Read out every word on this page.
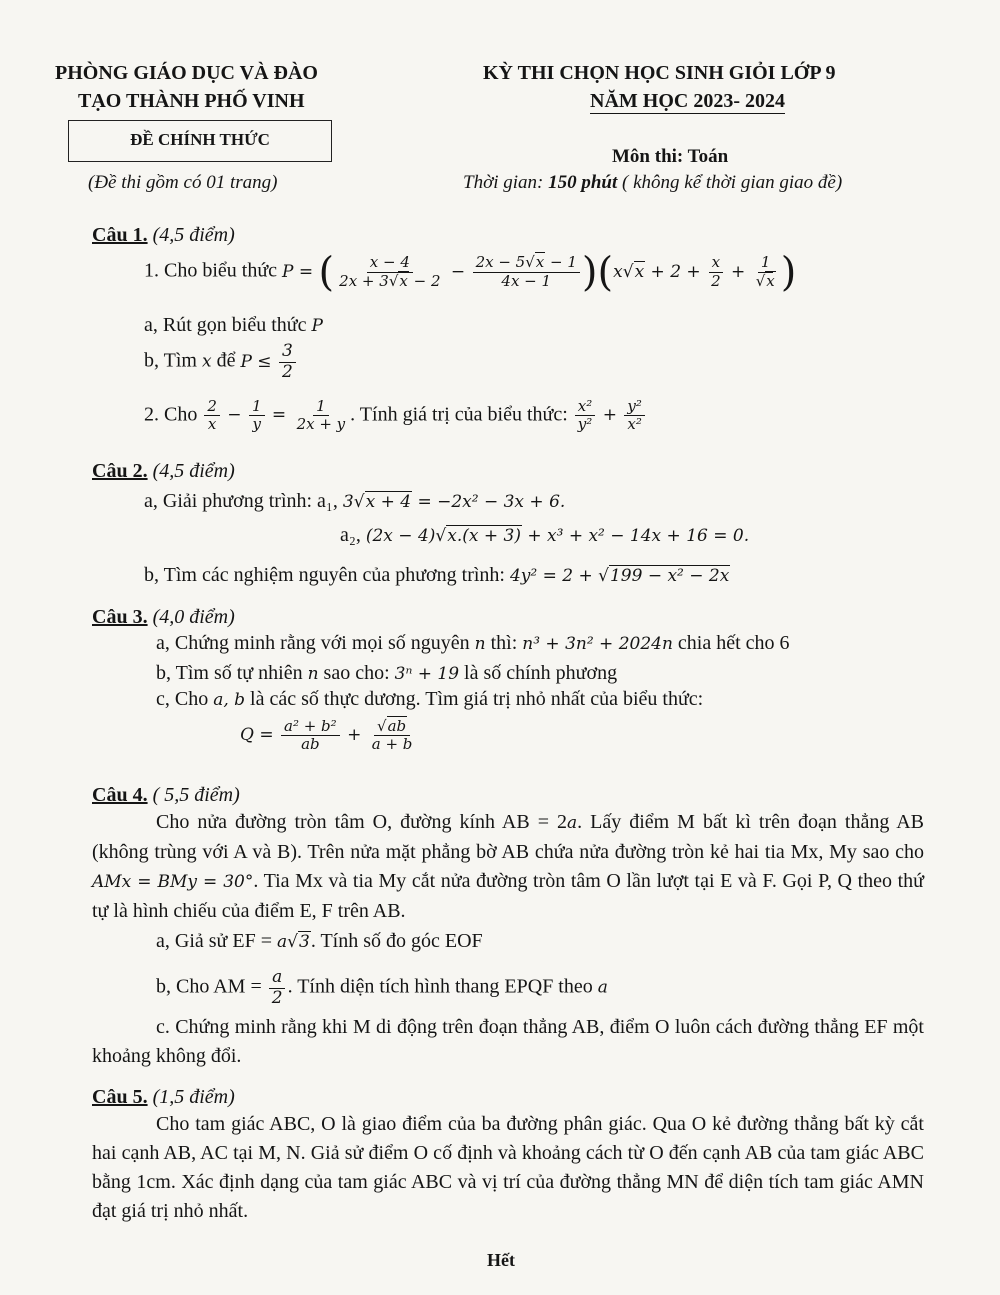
PHÒNG GIÁO DỤC VÀ ĐÀO
TẠO THÀNH PHỐ VINH
ĐỀ CHÍNH THỨC
(Đề thi gồm có 01 trang)
KỲ THI CHỌN HỌC SINH GIỎI LỚP 9
NĂM HỌC 2023- 2024
Môn thi: Toán
Thời gian: 150 phút ( không kể thời gian giao đề)
Câu 1. (4,5 điểm)
1. Cho biểu thức P = ( $\frac{x - 4}{2x + 3√x - 2} - \frac{2x - 5√x - 1}{4x - 1} )(x√x + 2 + \frac{x}{2} + \frac{1}{√x}$ )
a, Rút gọn biểu thức P
b, Tìm x để $P \le \frac{3}{2}$
2. Cho $\frac{2}{x} - \frac{1}{y} = \frac{1}{2x + y}$ . Tính giá trị của biểu thức: $\frac{\text{x²}}{\text{y²}} + \frac{\text{y²}}{\text{x²}}$
Câu 2. (4,5 điểm)
a, Giải phương trình: a₁, 3√x + 4 = −2x² − 3x + 6.
a₂, (2x − 4)√x.(x + 3) + x³ + x² − 14x + 16 = 0.
b, Tìm các nghiệm nguyên của phương trình: 4y² = 2 + √199 − x² − 2x
Câu 3. (4,0 điểm)
a, Chứng minh rằng với mọi số nguyên n thì: n³ + 3n² + 2024n chia hết cho 6
b, Tìm số tự nhiên n sao cho: 3ⁿ + 19 là số chính phương
c, Cho a, b là các số thực dương. Tìm giá trị nhỏ nhất của biểu thức:
$Q = \frac{\text{a² + b²}}{ab} + \frac{√ab}{a + b}$
Câu 4. ( 5,5 điểm)
Cho nửa đường tròn tâm O, đường kính AB = 2a. Lấy điểm M bất kì trên đoạn thẳng AB (không trùng với A và B). Trên nửa mặt phẳng bờ AB chứa nửa đường tròn kẻ hai tia Mx, My sao cho AMx = BMy = 30°. Tia Mx và tia My cắt nửa đường tròn tâm O lần lượt tại E và F. Gọi P, Q theo thứ tự là hình chiếu của điểm E, F trên AB.
a, Giả sử EF = a√3. Tính số đo góc EOF
b, Cho AM = $\frac{a}{2}$ . Tính diện tích hình thang EPQF theo a
c. Chứng minh rằng khi M di động trên đoạn thẳng AB, điểm O luôn cách đường thẳng EF một khoảng không đổi.
Câu 5. (1,5 điểm)
Cho tam giác ABC, O là giao điểm của ba đường phân giác. Qua O kẻ đường thẳng bất kỳ cắt hai cạnh AB, AC tại M, N. Giả sử điểm O cố định và khoảng cách từ O đến cạnh AB của tam giác ABC bằng 1cm. Xác định dạng của tam giác ABC và vị trí của đường thẳng MN để diện tích tam giác AMN đạt giá trị nhỏ nhất.
Hết
